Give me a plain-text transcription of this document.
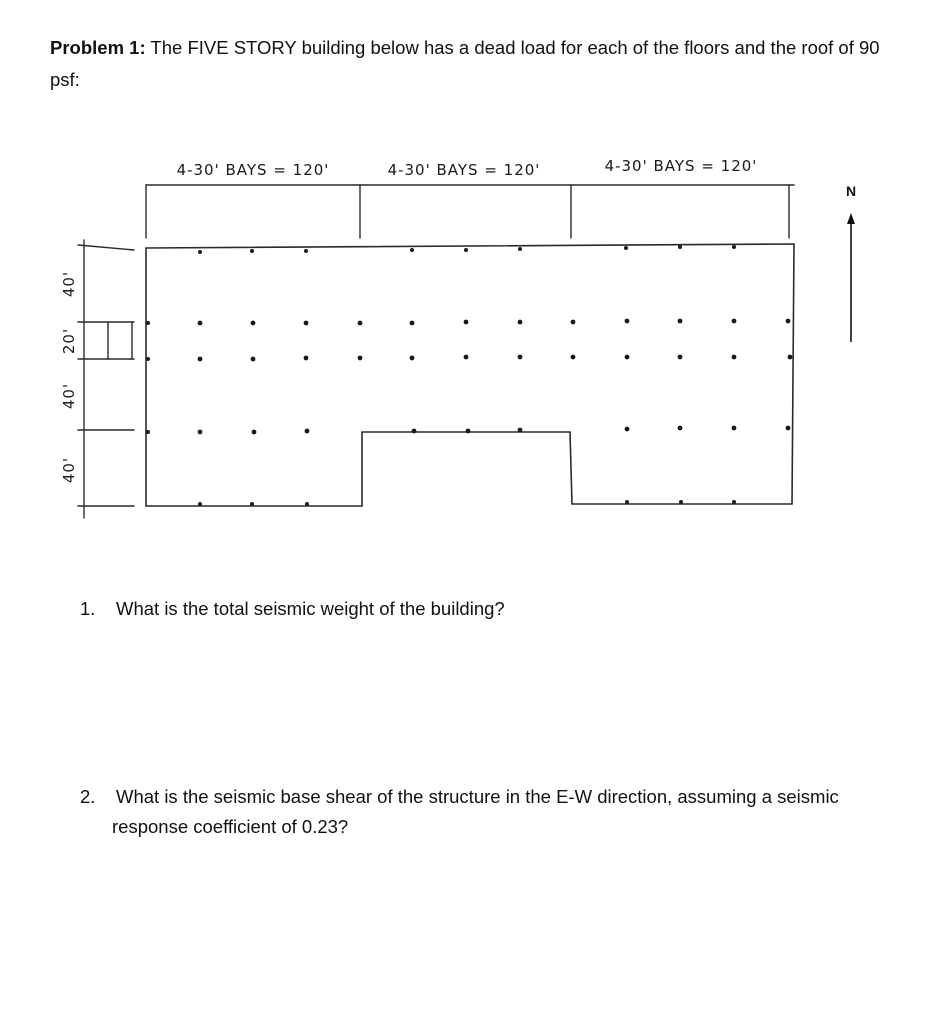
Problem 1: The FIVE STORY building below has a dead load for each of the floors and the roof of 90 psf:
4-30' BAYS = 120'	4-30' BAYS = 120'	4-30' BAYS = 120'
40'
20'
40'
40'
N
1. What is the total seismic weight of the building?
2. What is the seismic base shear of the structure in the E-W direction, assuming a seismic
response coefficient of 0.23?
